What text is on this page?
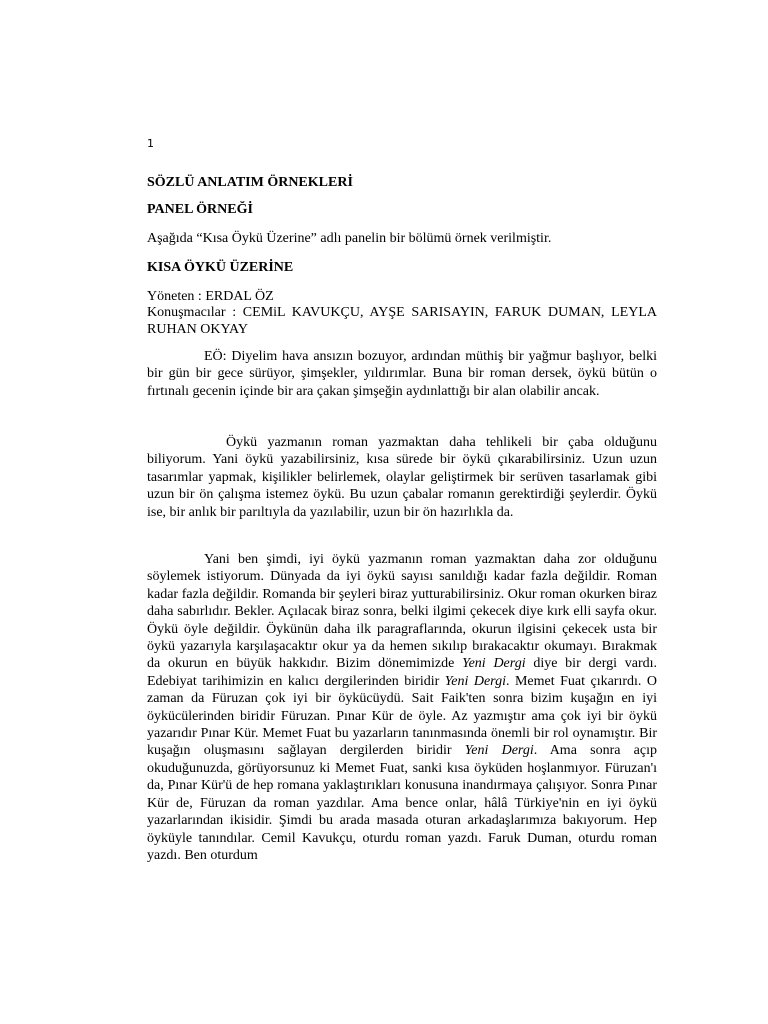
1
SÖZLÜ ANLATIM ÖRNEKLERİ
PANEL ÖRNEĞİ

Aşağıda “Kısa Öykü Üzerine” adlı panelin bir bölümü örnek verilmiştir.

KISA ÖYKÜ ÜZERİNE

Yöneten : ERDAL ÖZ

Konuşmacılar : CEMiL KAVUKÇU, AYŞE SARISAYIN, FARUK DUMAN, LEYLA RUHAN OKYAY

EÖ: Diyelim hava ansızın bozuyor, ardından müthiş bir yağmur başlıyor, belki bir gün bir gece sürüyor, şimşekler, yıldırımlar. Buna bir roman dersek, öykü bütün o fırtınalı gecenin içinde bir ara çakan şimşeğin aydınlattığı bir alan olabilir ancak.

Öykü yazmanın roman yazmaktan daha tehlikeli bir çaba olduğunu biliyorum. Yani öykü yazabilirsiniz, kısa sürede bir öykü çıkarabilirsiniz. Uzun uzun tasarımlar yapmak, kişilikler belirlemek, olaylar geliştirmek bir serüven tasarlamak gibi uzun bir ön çalışma istemez öykü. Bu uzun çabalar romanın gerektirdiği şeylerdir. Öykü ise, bir anlık bir parıltıyla da yazılabilir, uzun bir ön hazırlıkla da.

Yani ben şimdi, iyi öykü yazmanın roman yazmaktan daha zor olduğunu söylemek istiyorum. Dünyada da iyi öykü sayısı sanıldığı kadar fazla değildir. Roman kadar fazla değildir. Romanda bir şeyleri biraz yutturabilirsiniz. Okur roman okurken biraz daha sabırlıdır. Bekler. Açılacak biraz sonra, belki ilgimi çekecek diye kırk elli sayfa okur. Öykü öyle değildir. Öykünün daha ilk paragraflarında, okurun ilgisini çekecek usta bir öykü yazarıyla karşılaşacaktır okur ya da hemen sıkılıp bırakacaktır okumayı. Bırakmak da okurun en büyük hakkıdır. Bizim dönemimizde Yeni Dergi diye bir dergi vardı. Edebiyat tarihimizin en kalıcı dergilerinden biridir Yeni Dergi. Memet Fuat çıkarırdı. O zaman da Füruzan çok iyi bir öykücüydü. Sait Faik'ten sonra bizim kuşağın en iyi öykücülerinden biridir Füruzan. Pınar Kür de öyle. Az yazmıştır ama çok iyi bir öykü yazarıdır Pınar Kür. Memet Fuat bu yazarların tanınmasında önemli bir rol oynamıştır. Bir kuşağın oluşmasını sağlayan dergilerden biridir Yeni Dergi. Ama sonra açıp okuduğunuzda, görüyorsunuz ki Memet Fuat, sanki kısa öyküden hoşlanmıyor. Füruzan'ı da, Pınar Kür'ü de hep romana yaklaştırıkları konusuna inandırmaya çalışıyor. Sonra Pınar Kür de, Füruzan da roman yazdılar. Ama bence onlar, hâlâ Türkiye'nin en iyi öykü yazarlarından ikisidir. Şimdi bu arada masada oturan arkadaşlarımıza bakıyorum. Hep öyküyle tanındılar. Cemil Kavukçu, oturdu roman yazdı. Faruk Duman, oturdu roman yazdı. Ben oturdum
